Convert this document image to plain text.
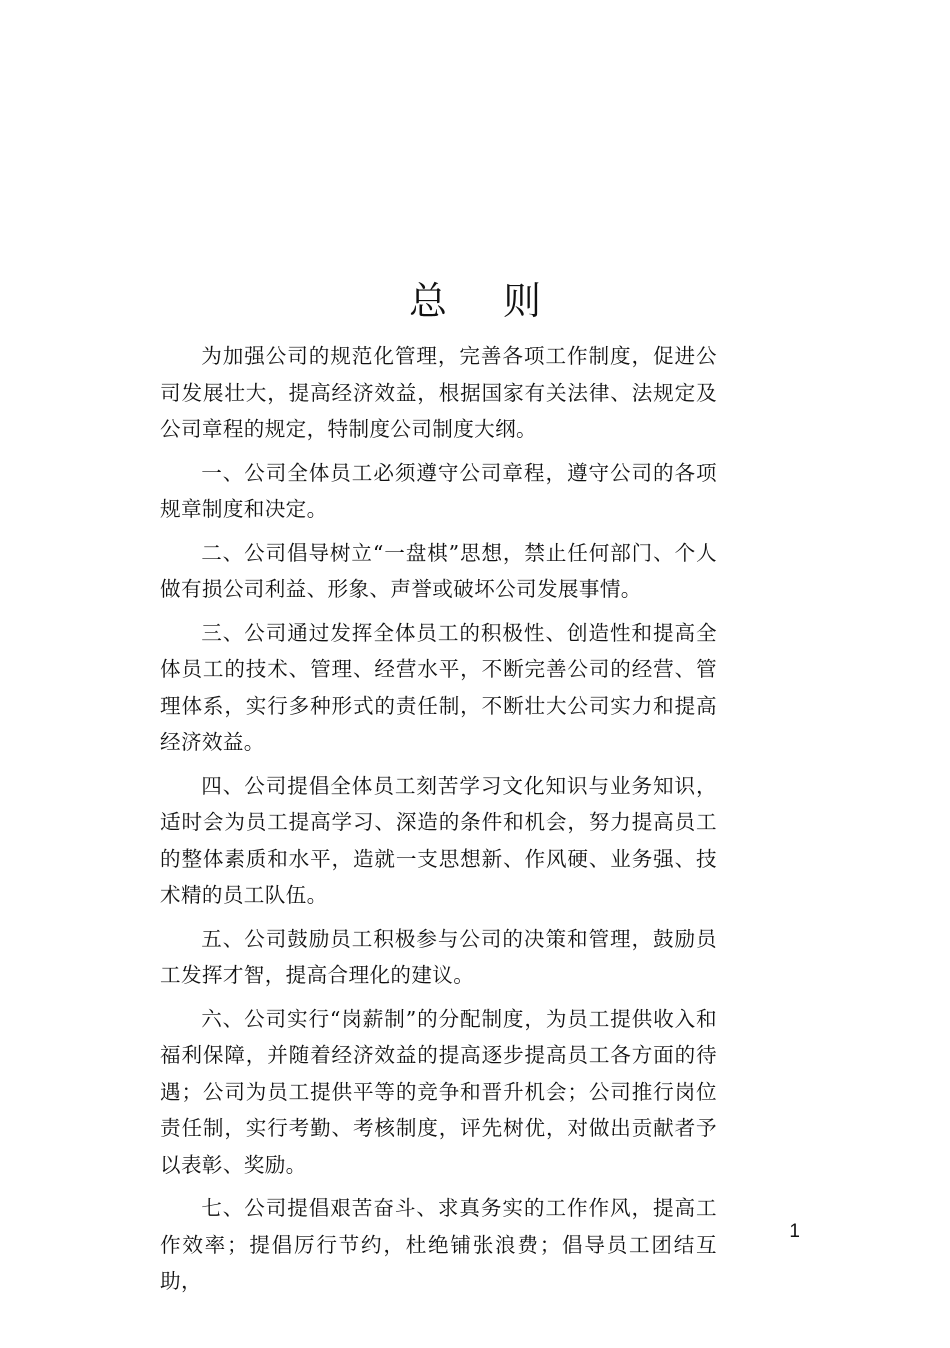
总则

为加强公司的规范化管理，完善各项工作制度，促进公司发展壮大，提高经济效益，根据国家有关法律、法规定及公司章程的规定，特制度公司制度大纲。

一、公司全体员工必须遵守公司章程，遵守公司的各项规章制度和决定。

二、公司倡导树立“一盘棋”思想，禁止任何部门、个人做有损公司利益、形象、声誉或破坏公司发展事情。

三、公司通过发挥全体员工的积极性、创造性和提高全体员工的技术、管理、经营水平，不断完善公司的经营、管理体系，实行多种形式的责任制，不断壮大公司实力和提高经济效益。

四、公司提倡全体员工刻苦学习文化知识与业务知识，适时会为员工提高学习、深造的条件和机会，努力提高员工的整体素质和水平，造就一支思想新、作风硬、业务强、技术精的员工队伍。

五、公司鼓励员工积极参与公司的决策和管理，鼓励员工发挥才智，提高合理化的建议。

六、公司实行“岗薪制”的分配制度，为员工提供收入和福利保障，并随着经济效益的提高逐步提高员工各方面的待遇；公司为员工提供平等的竞争和晋升机会；公司推行岗位责任制，实行考勤、考核制度，评先树优，对做出贡献者予以表彰、奖励。

七、公司提倡艰苦奋斗、求真务实的工作作风，提高工作效率；提倡厉行节约，杜绝铺张浪费；倡导员工团结互助，

1
